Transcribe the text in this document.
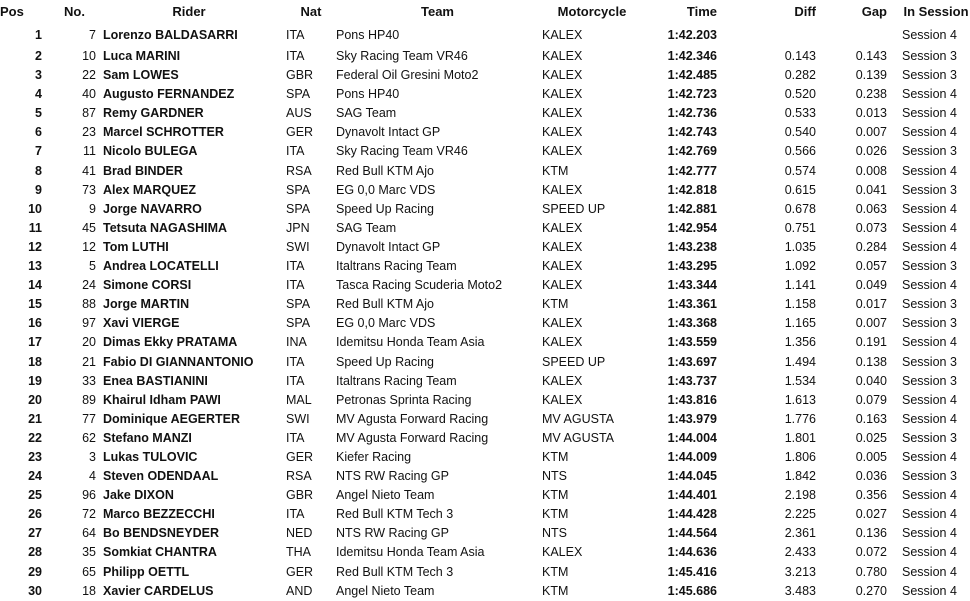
Pos	No.	Rider	Nat	Team	Motorcycle	Time	Diff	Gap	In Session
1	7	Lorenzo BALDASARRI	ITA	Pons HP40	KALEX	1:42.203			Session 4
2	10	Luca MARINI	ITA	Sky Racing Team VR46	KALEX	1:42.346	0.143	0.143	Session 3
3	22	Sam LOWES	GBR	Federal Oil Gresini Moto2	KALEX	1:42.485	0.282	0.139	Session 3
4	40	Augusto FERNANDEZ	SPA	Pons HP40	KALEX	1:42.723	0.520	0.238	Session 4
5	87	Remy GARDNER	AUS	SAG Team	KALEX	1:42.736	0.533	0.013	Session 4
6	23	Marcel SCHROTTER	GER	Dynavolt Intact GP	KALEX	1:42.743	0.540	0.007	Session 4
7	11	Nicolo BULEGA	ITA	Sky Racing Team VR46	KALEX	1:42.769	0.566	0.026	Session 3
8	41	Brad BINDER	RSA	Red Bull KTM Ajo	KTM	1:42.777	0.574	0.008	Session 4
9	73	Alex MARQUEZ	SPA	EG 0,0 Marc VDS	KALEX	1:42.818	0.615	0.041	Session 3
10	9	Jorge NAVARRO	SPA	Speed Up Racing	SPEED UP	1:42.881	0.678	0.063	Session 4
11	45	Tetsuta NAGASHIMA	JPN	SAG Team	KALEX	1:42.954	0.751	0.073	Session 4
12	12	Tom LUTHI	SWI	Dynavolt Intact GP	KALEX	1:43.238	1.035	0.284	Session 4
13	5	Andrea LOCATELLI	ITA	Italtrans Racing Team	KALEX	1:43.295	1.092	0.057	Session 3
14	24	Simone CORSI	ITA	Tasca Racing Scuderia Moto2	KALEX	1:43.344	1.141	0.049	Session 4
15	88	Jorge MARTIN	SPA	Red Bull KTM Ajo	KTM	1:43.361	1.158	0.017	Session 3
16	97	Xavi VIERGE	SPA	EG 0,0 Marc VDS	KALEX	1:43.368	1.165	0.007	Session 3
17	20	Dimas Ekky PRATAMA	INA	Idemitsu Honda Team Asia	KALEX	1:43.559	1.356	0.191	Session 4
18	21	Fabio DI GIANNANTONIO	ITA	Speed Up Racing	SPEED UP	1:43.697	1.494	0.138	Session 3
19	33	Enea BASTIANINI	ITA	Italtrans Racing Team	KALEX	1:43.737	1.534	0.040	Session 3
20	89	Khairul Idham PAWI	MAL	Petronas Sprinta Racing	KALEX	1:43.816	1.613	0.079	Session 4
21	77	Dominique AEGERTER	SWI	MV Agusta Forward Racing	MV AGUSTA	1:43.979	1.776	0.163	Session 4
22	62	Stefano MANZI	ITA	MV Agusta Forward Racing	MV AGUSTA	1:44.004	1.801	0.025	Session 3
23	3	Lukas TULOVIC	GER	Kiefer Racing	KTM	1:44.009	1.806	0.005	Session 4
24	4	Steven ODENDAAL	RSA	NTS RW Racing GP	NTS	1:44.045	1.842	0.036	Session 3
25	96	Jake DIXON	GBR	Angel Nieto Team	KTM	1:44.401	2.198	0.356	Session 4
26	72	Marco BEZZECCHI	ITA	Red Bull KTM Tech 3	KTM	1:44.428	2.225	0.027	Session 4
27	64	Bo BENDSNEYDER	NED	NTS RW Racing GP	NTS	1:44.564	2.361	0.136	Session 4
28	35	Somkiat CHANTRA	THA	Idemitsu Honda Team Asia	KALEX	1:44.636	2.433	0.072	Session 4
29	65	Philipp OETTL	GER	Red Bull KTM Tech 3	KTM	1:45.416	3.213	0.780	Session 4
30	18	Xavier CARDELUS	AND	Angel Nieto Team	KTM	1:45.686	3.483	0.270	Session 4
